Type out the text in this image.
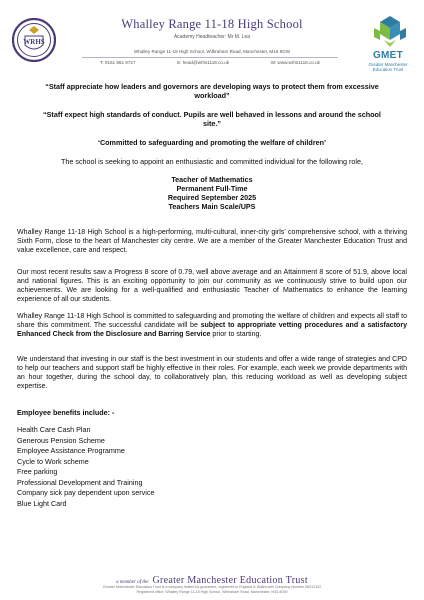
WRHS
Whalley Range 11-18 High School
Academy Headteacher: Mr M. Lea
Whalley Range 11-18 High School, Wilbraham Road, Manchester, M16 8GW
T: 0161 861 9727	E: head@wrhs1118.co.uk	W: www.wrhs1118.co.uk
GMET
Greater Manchester
Education Trust
“Staff appreciate how leaders and governors are developing ways to protect them from excessive workload”
“Staff expect high standards of conduct. Pupils are well behaved in lessons and around the school site.”
‘Committed to safeguarding and promoting the welfare of children’
The school is seeking to appoint an enthusiastic and committed individual for the following role,
Teacher of Mathematics
Permanent Full-Time
Required September 2025
Teachers Main Scale/UPS

Whalley Range 11-18 High School is a high-performing, multi-cultural, inner-city girls’ comprehensive school, with a thriving Sixth Form, close to the heart of Manchester city centre. We are a member of the Greater Manchester Education Trust and value excellence, care and respect.

Our most recent results saw a Progress 8 score of 0.79, well above average and an Attainment 8 score of 51.9, above local and national figures. This is an exciting opportunity to join our community as we continuously strive to build upon our achievements. We are looking for a well-qualified and enthusiastic Teacher of Mathematics to enhance the learning experience of all our students.

Whalley Range 11-18 High School is committed to safeguarding and promoting the welfare of children and expects all staff to share this commitment. The successful candidate will be subject to appropriate vetting procedures and a satisfactory Enhanced Check from the Disclosure and Barring Service prior to starting.

We understand that investing in our staff is the best investment in our students and offer a wide range of strategies and CPD to help our teachers and support staff be highly effective in their roles. For example, each week we provide departments with an hour together, during the school day, to collaboratively plan, this reducing workload as well as developing subject expertise.

Employee benefits include: -
Health Care Cash Plan
Generous Pension Scheme
Employee Assistance Programme
Cycle to Work scheme
Free parking
Professional Development and Training
Company sick pay dependent upon service
Blue Light Card
a member of the Greater Manchester Education Trust
Greater Manchester Education Trust is a company limited by guarantee, registered in England & Wales with Company Number 08313102
Registered office: Whalley Range 11-18 High School, Wilbraham Road, Manchester, M16 8GW
